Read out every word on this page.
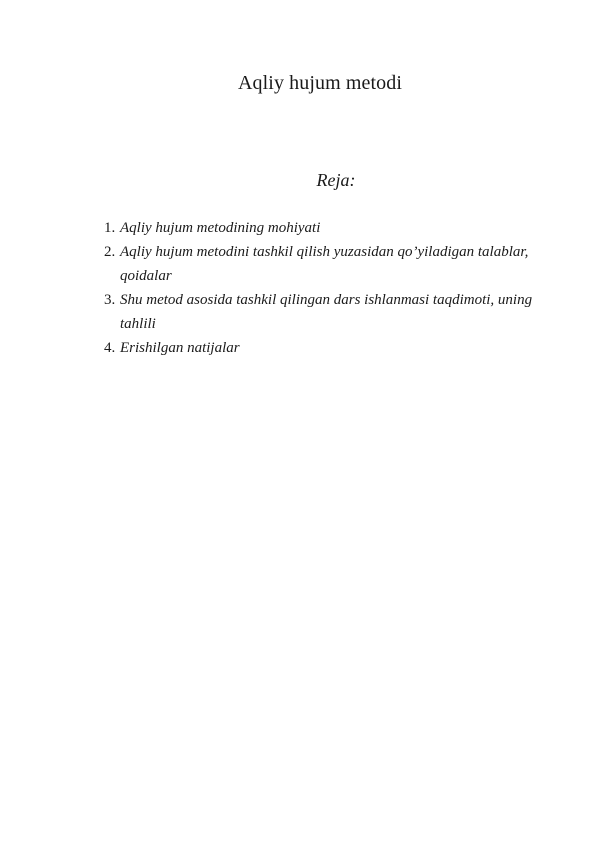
Aqliy hujum metodi
Reja:
1. Aqliy hujum metodining mohiyati
2. Aqliy hujum metodini tashkil qilish yuzasidan qo’yiladigan talablar, qoidalar
3. Shu metod asosida tashkil qilingan dars ishlanmasi taqdimoti, uning tahlili
4. Erishilgan natijalar
